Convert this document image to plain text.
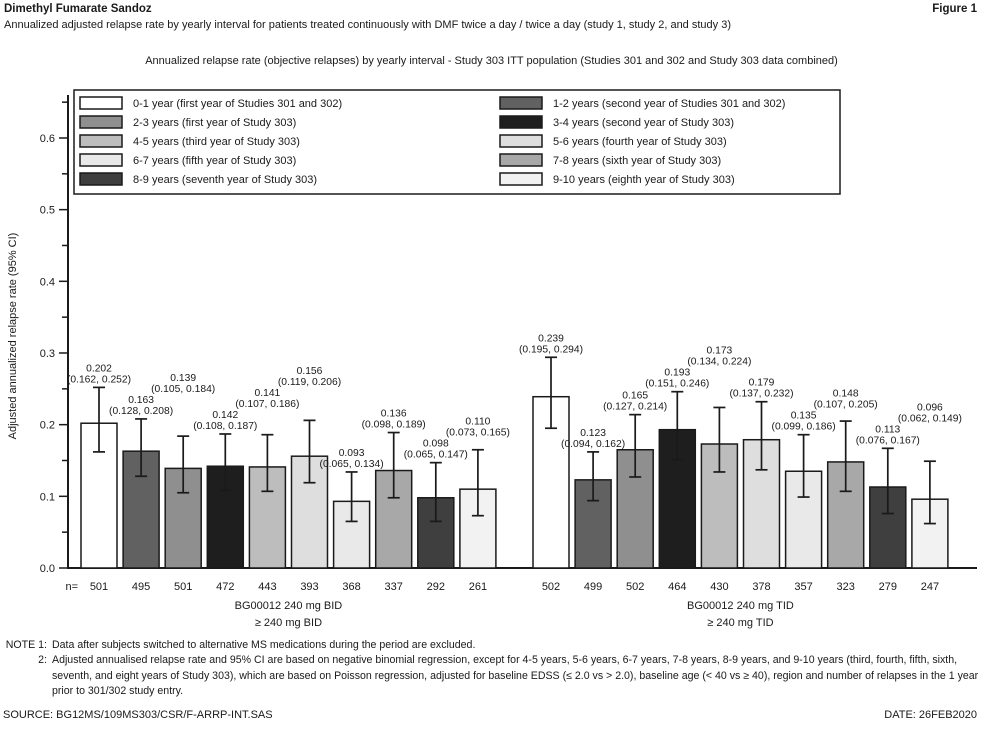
Dimethyl Fumarate Sandoz	Figure 1
Annualized adjusted relapse rate by yearly interval for patients treated continuously with DMF twice a day / twice a day (study 1, study 2, and study 3)
Annualized relapse rate (objective relapses) by yearly interval - Study 303 ITT population (Studies 301 and 302 and Study 303 data combined)
0.0
0.1
0.2
0.3
0.4
0.5
0.6
Adjusted annualized relapse rate (95% CI)
0-1 year (first year of Studies 301 and 302)	1-2 years (second year of Studies 301 and 302)
2-3 years (first year of Study 303)	3-4 years (second year of Study 303)
4-5 years (third year of Study 303)	5-6 years (fourth year of Study 303)
6-7 years (fifth year of Study 303)	7-8 years (sixth year of Study 303)
8-9 years (seventh year of Study 303)	9-10 years (eighth year of Study 303)
n=
0.202
(0.162, 0.252)
501
0.163
(0.128, 0.208)
495
0.139
(0.105, 0.184)
501
0.142
(0.108, 0.187)
472
0.141
(0.107, 0.186)
443
0.156
(0.119, 0.206)
393
0.093
(0.065, 0.134)
368
0.136
(0.098, 0.189)
337
0.098
(0.065, 0.147)
292
0.110
(0.073, 0.165)
261
BG00012 240 mg BID
≥ 240 mg BID
0.239
(0.195, 0.294)
502
0.123
(0.094, 0.162)
499
0.165
(0.127, 0.214)
502
0.193
(0.151, 0.246)
464
0.173
(0.134, 0.224)
430
0.179
(0.137, 0.232)
378
0.135
(0.099, 0.186)
357
0.148
(0.107, 0.205)
323
0.113
(0.076, 0.167)
279
0.096
(0.062, 0.149)
247
BG00012 240 mg TID
≥ 240 mg TID
NOTE 1: Data after subjects switched to alternative MS medications during the period are excluded.
2: Adjusted annualised relapse rate and 95% CI are based on negative binomial regression, except for 4-5 years, 5-6 years, 6-7 years, 7-8 years, 8-9 years, and 9-10 years (third, fourth, fifth, sixth, seventh, and eight years of Study 303), which are based on Poisson regression, adjusted for baseline EDSS (≤ 2.0 vs > 2.0), baseline age (< 40 vs ≥ 40), region and number of relapses in the 1 year prior to 301/302 study entry.
SOURCE: BG12MS/109MS303/CSR/F-ARRP-INT.SAS	DATE: 26FEB2020
